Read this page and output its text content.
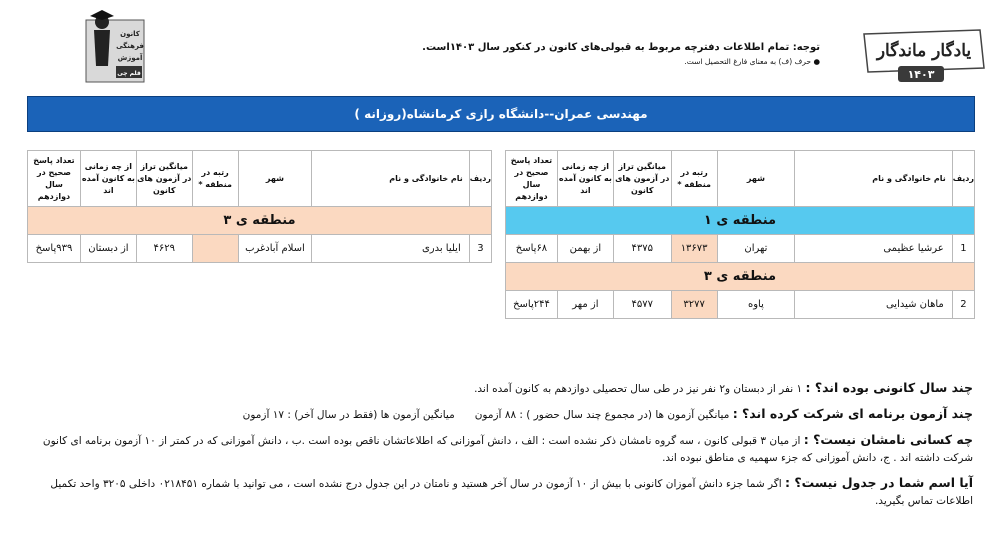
یادگار ماندگار
۱۴۰۳
توجه: تمام اطلاعات دفترچه مربوط به قبولی‌های کانون در کنکور سال ۱۴۰۳است.
● حرف (ف) به معنای فارغ التحصیل است.
کانون
فرهنگی
آموزش
قلم چی
مهندسی عمران--دانشگاه رازی کرمانشاه(روزانه )
ردیف	نام خانوادگی و نام	شهر	رتبه در منطقه *	میانگین تراز در آزمون های کانون	از چه زمانی به کانون آمده اند	تعداد پاسخ صحیح در سال دوازدهم
منطقه ی ۱						
1	عرشیا عظیمی	تهران	۱۳۶۷۳	۴۳۷۵	از بهمن	۶۸پاسخ
منطقه ی ۳						
2	ماهان شیدایی	پاوه	۳۲۷۷	۴۵۷۷	از مهر	۲۴۴پاسخ
ردیف	نام خانوادگی و نام	شهر	رتبه در منطقه *	میانگین تراز در آزمون های کانون	از چه زمانی به کانون آمده اند	تعداد پاسخ صحیح در سال دوازدهم
منطقه ی ۳						
3	ایلیا بدری	اسلام آبادغرب		۴۶۲۹	از دبستان	۹۳۹پاسخ

چند سال کانونی بوده اند؟ : ۱ نفر از دبستان و۲ نفر نیز در طی سال تحصیلی دوازدهم به کانون آمده اند.

چند آزمون برنامه ای شرکت کرده اند؟ : میانگین آزمون ها (در مجموع چند سال حضور ) : ۸۸ آزمون      میانگین آزمون ها (فقط در سال آخر) : ۱۷ آزمون

چه کسانی نامشان نیست؟ : از میان ۳ قبولی کانون ، سه گروه نامشان ذکر نشده است : الف ، دانش آموزانی که اطلاعاتشان ناقص بوده است .ب ، دانش آموزانی که در کمتر از ۱۰ آزمون برنامه ای کانون شرکت داشته اند . ج، دانش آموزانی که جزء سهمیه ی مناطق نبوده اند.

آیا اسم شما در جدول نیست؟ : اگر شما جزء دانش آموزان کانونی با بیش از ۱۰ آزمون در سال آخر هستید و نامتان در این جدول درج نشده است ، می توانید با شماره ۰۲۱۸۴۵۱ داخلی ۳۲۰۵ واحد تکمیل اطلاعات تماس بگیرید.
